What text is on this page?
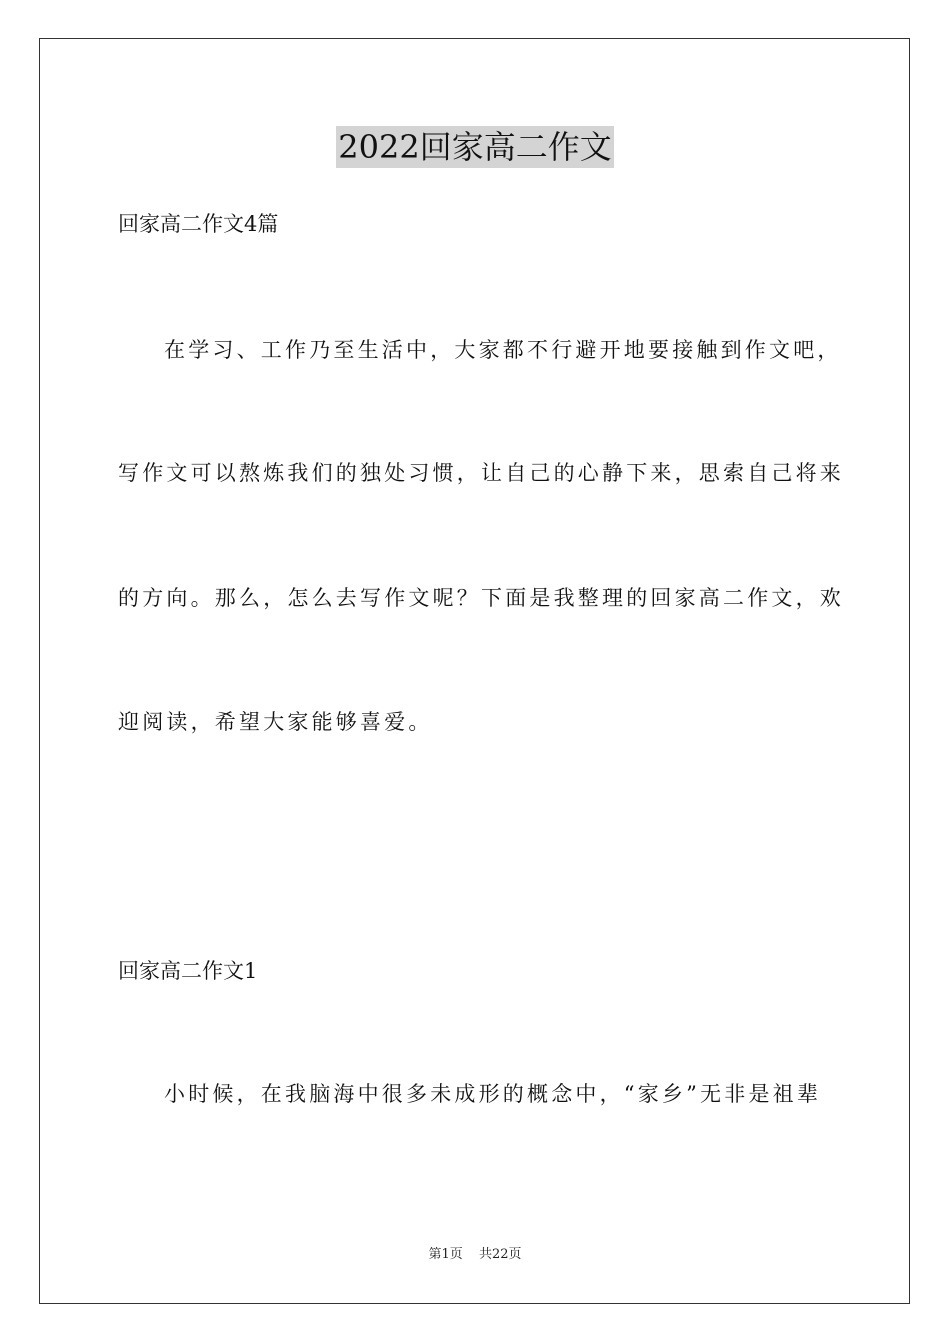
2022回家高二作文
回家高二作文4篇
在学习、工作乃至生活中，大家都不行避开地要接触到作文吧，
写作文可以熬炼我们的独处习惯，让自己的心静下来，思索自己将来
的方向。那么，怎么去写作文呢？下面是我整理的回家高二作文，欢
迎阅读，希望大家能够喜爱。
回家高二作文1
小时候，在我脑海中很多未成形的概念中，“家乡”无非是祖辈
第1页 共22页
